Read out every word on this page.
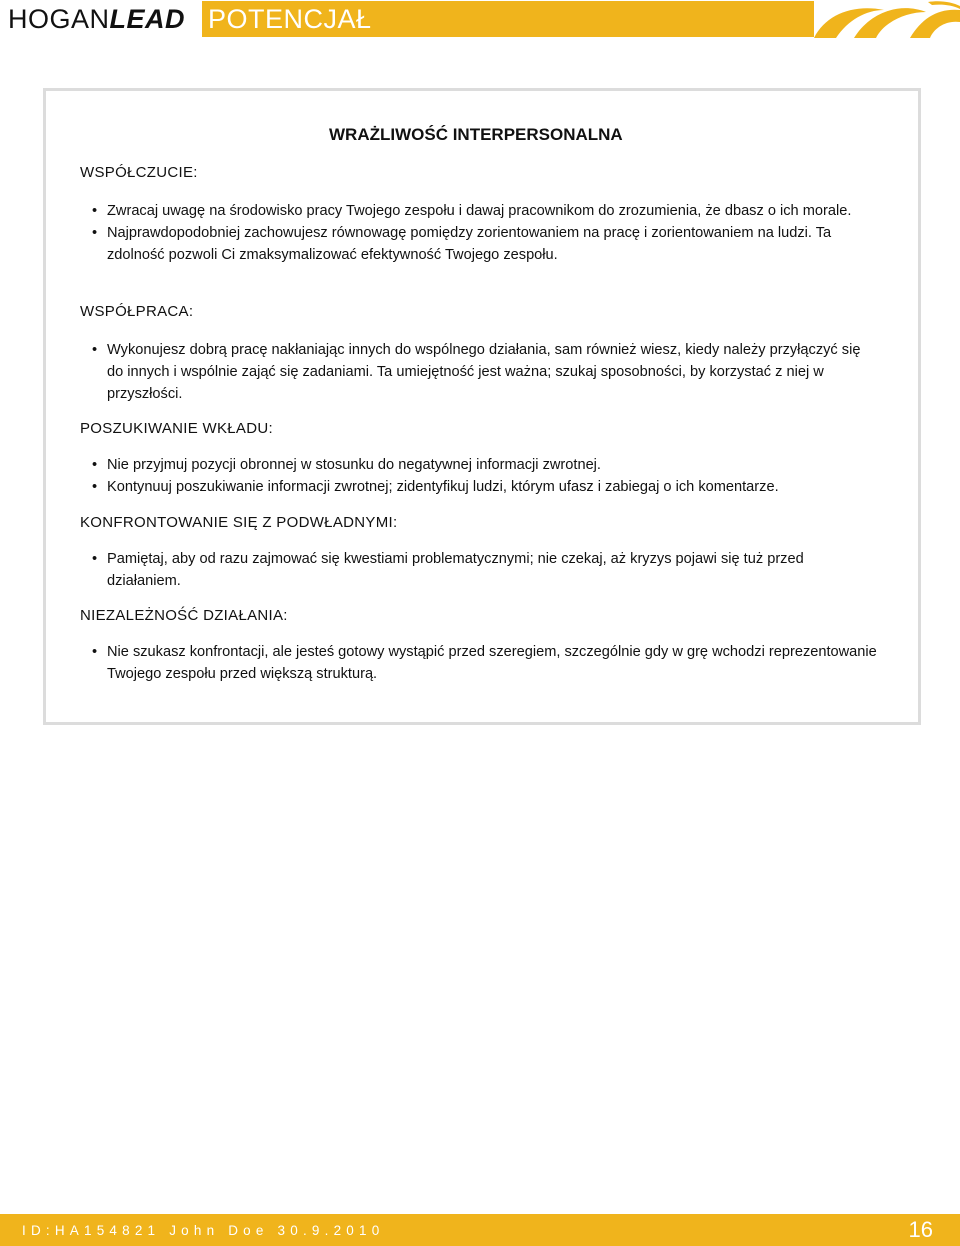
HOGANLEAD POTENCJAŁ
WRAŻLIWOŚĆ INTERPERSONALNA
WSPÓŁCZUCIE:
• Zwracaj uwagę na środowisko pracy Twojego zespołu i dawaj pracownikom do zrozumienia, że dbasz o ich morale.
• Najprawdopodobniej zachowujesz równowagę pomiędzy zorientowaniem na pracę i zorientowaniem na ludzi. Ta zdolność pozwoli Ci zmaksymalizować efektywność Twojego zespołu.
WSPÓŁPRACA:
• Wykonujesz dobrą pracę nakłaniając innych do wspólnego działania, sam również wiesz, kiedy należy przyłączyć się do innych i wspólnie zająć się zadaniami. Ta umiejętność jest ważna; szukaj sposobności, by korzystać z niej w przyszłości.
POSZUKIWANIE WKŁADU:
• Nie przyjmuj pozycji obronnej w stosunku do negatywnej informacji zwrotnej.
• Kontynuuj poszukiwanie informacji zwrotnej; zidentyfikuj ludzi, którym ufasz i zabiegaj o ich komentarze.
KONFRONTOWANIE SIĘ Z PODWŁADNYMI:
• Pamiętaj, aby od razu zajmować się kwestiami problematycznymi; nie czekaj, aż kryzys pojawi się tuż przed działaniem.
NIEZALEŻNOŚĆ DZIAŁANIA:
• Nie szukasz konfrontacji, ale jesteś gotowy wystąpić przed szeregiem, szczególnie gdy w grę wchodzi reprezentowanie Twojego zespołu przed większą strukturą.
ID:HA154821 John Doe 30.9.2010	16
